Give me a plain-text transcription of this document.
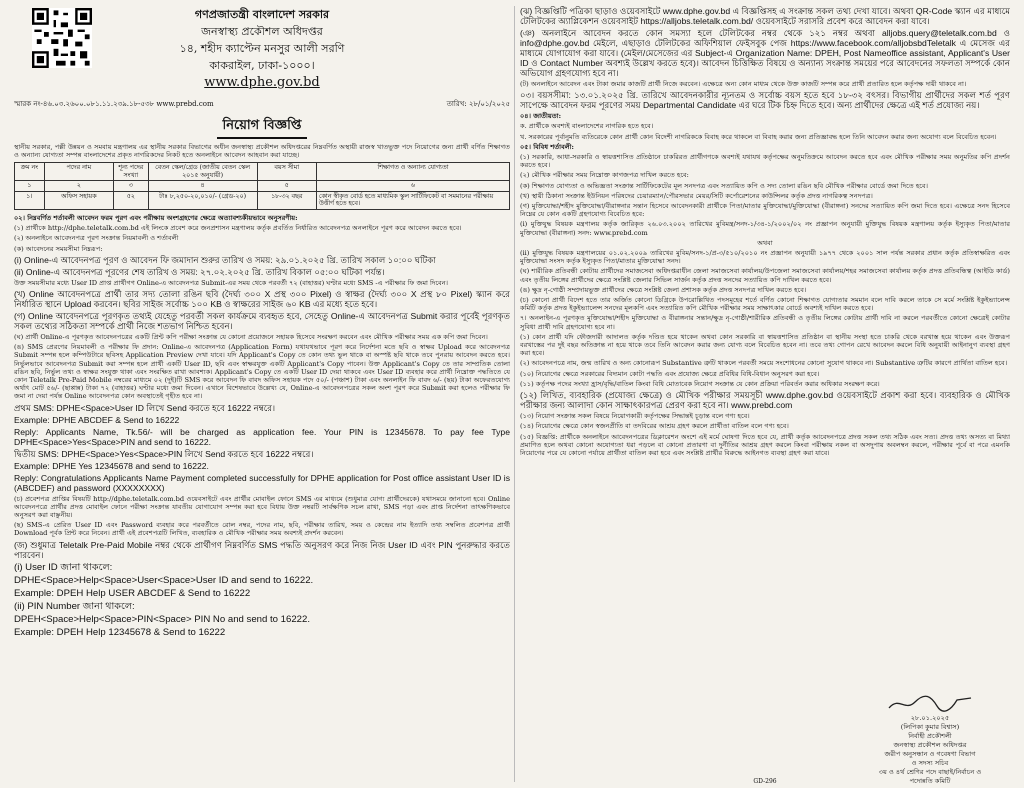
গণপ্রজাতন্ত্রী বাংলাদেশ সরকার
জনস্বাস্থ্য প্রকৌশল অধিদপ্তর
১৪, শহীদ ক্যাপ্টেন মনসুর আলী সরণি
কাকরাইল, ঢাকা-১০০০।
www.dphe.gov.bd
স্মারক নং-৪৬.০৩.২৬০০.০৮১.১১.২৩৯.১৮-৫৩৮ www.prebd.com	তারিখ: ২৮/০১/২০২৫
নিয়োগ বিজ্ঞপ্তি

স্থানীয় সরকার, পল্লী উন্নয়ন ও সমবায় মন্ত্রণালয় এর স্থানীয় সরকার বিভাগের অধীন জনস্বাস্থ্য প্রকৌশল অধিদপ্তরের নিম্নবর্ণিত অস্থায়ী রাজস্ব খাতভুক্ত পদে নিয়োগের জন্য প্রার্থী বর্ণিত শিক্ষাগত ও অন্যান্য যোগ্যতা সম্পন্ন বাংলাদেশের প্রকৃত নাগরিকদের নিকট হতে অনলাইনে আবেদন আহবান করা যাচ্ছে।

ক্রম নং	পদের নাম	শূন্য পদের সংখ্যা	বেতন স্কেল/গ্রেড (জাতীয় বেতন স্কেল ২০১৫ অনুযায়ী)	বয়স সীমা	শিক্ষাগত ও অন্যান্য যোগ্যতা
১	২	৩	৪	৫	৬
১।	অফিস সহায়ক	৫২	টাঃ ৮,২৫০-২০,০১০/- (গ্রেড-২০)	১৮-৩২ বছর	কোন স্বীকৃত বোর্ড হতে মাধ্যমিক স্কুল সার্টিফিকেট বা সমমানের পরীক্ষায় উত্তীর্ণ হতে হবে।

০২। নিম্নবর্ণিত শর্তাবলী আবেদন ফরম পূরণ এবং পরীক্ষায় অংশগ্রহণের ক্ষেত্রে অত্যাবশ্যকীয়ভাবে অনুসরণীয়:

(১) প্রার্থীকে http://dphe.teletalk.com.bd এই লিংকে প্রবেশ করে জনপ্রশাসন মন্ত্রণালয় কর্তৃক প্রবর্তিত নির্ধারিত আবেদনপত্র অনলাইনে পূরণ করে আবেদন করতে হবে।

(২) অনলাইনে আবেদনপত্র পূরণ সংক্রান্ত নিয়মাবলী ও শর্তাবলী

(ক) আবেদনের সময়সীমা নিম্নরূপ:

(i) Online-এ আবেদনপত্র পূরণ ও আবেদন ফি জমাদান শুরুর তারিখ ও সময়: ২৯.০১.২০২৫ খ্রি. তারিখ সকাল ১০:০০ ঘটিকা

(ii) Online-এ আবেদনপত্র পূরণের শেষ তারিখ ও সময়: ২৭.০২.২০২৫ খ্রি. তারিখ বিকাল ০৫:০০ ঘটিকা পর্যন্ত।

উক্ত সময়সীমার মধ্যে User ID প্রাপ্ত প্রার্থীগণ Online-এ আবেদনপত্র Submit-এর সময় থেকে পরবর্তী ৭২ (বাহাত্তর) ঘণ্টার মধ্যে SMS -এ পরীক্ষার ফি জমা দিবেন।

(খ) Online আবেদনপত্রে প্রার্থী তার সদ্য তোলা রঙিন ছবি (দৈর্ঘ্য ৩০০ X প্রস্থ ৩০০ Pixel) ও স্বাক্ষর (দৈর্ঘ্য ৩০০ X প্রস্থ ৮০ Pixel) স্ক্যান করে নির্ধারিত স্থানে Upload করবেন। ছবির সাইজ সর্বোচ্চ ১০০ KB ও স্বাক্ষরের সাইজ ৬০ KB এর মধ্যে হতে হবে।

(গ) Online আবেদনপত্রে পূরণকৃত তথ্যই যেহেতু পরবর্তী সকল কার্যক্রমে ব্যবহৃত হবে, সেহেতু Online-এ আবেদনপত্র Submit করার পূর্বেই পূরণকৃত সকল তথ্যের সঠিকতা সম্পর্কে প্রার্থী নিজে শতভাগ নিশ্চিত হবেন।

(ঘ) প্রার্থী Online-এ পূরণকৃত আবেদনপত্রের একটি প্রিন্ট কপি পরীক্ষা সংক্রান্ত যে কোনো প্রয়োজনে সহায়ক হিসেবে সংরক্ষণ করবেন এবং মৌখিক পরীক্ষার সময় এক কপি জমা দিবেন।

(ঙ) SMS প্রেরণের নিয়মাবলী ও পরীক্ষার ফি প্রদান: Online-এ আবেদনপত্র (Application Form) যথাযথভাবে পূরণ করে নির্দেশনা মতে ছবি ও স্বাক্ষর Upload করে আবেদনপত্র Submit সম্পন্ন হলে কম্পিউটারে ছবিসহ Application Preview দেখা যাবে। যদি Applicant's Copy তে কোন তথ্য ভুল থাকে বা অস্পষ্ট ছবি থাকে তবে পুনরায় আবেদন করতে হবে। নির্ভুলভাবে আবেদনপত্র Submit করা সম্পন্ন হলে প্রার্থী একটি User ID, ছবি এবং স্বাক্ষরযুক্ত একটি Applicant's Copy পাবেন। উক্ত Applicant's Copy তে তার সাম্প্রতিক তোলা রঙিন ছবি, নির্ভুল তথ্য ও স্বাক্ষর সংযুক্ত থাকা এবং সংরক্ষিত রাখা আবশ্যক। Applicant's Copy তে একটি User ID দেয়া থাকবে এবং User ID ব্যবহার করে প্রার্থী নিম্নোক্ত পদ্ধতিতে যে কোন Teletalk Pre-Paid Mobile নম্বরের মাধ্যমে ০২ (দুই)টি SMS করে আবেদন ফি বাবদ অফিস সহায়ক পদে ৫০/- (পঞ্চাশ) টাকা এবং অনলাইন ফি বাবদ ৬/- (ছয়) টাকা অফেরতযোগ্য অর্থাৎ মোট ৫৬/- (ছাপ্পান্ন) টাকা ৭২ (বাহাত্তর) ঘণ্টার মধ্যে জমা দিবেন। এখানে বিশেষভাবে উল্লেখ্য যে, Online-এ আবেদনপত্রের সকল অংশ পূরণ করে Submit করা হলেও পরীক্ষার ফি জমা না দেয়া পর্যন্ত Online আবেদনপত্র কোন অবস্থাতেই গৃহীত হবে না।

প্রথম SMS: DPHE<Space>User ID লিখে Send করতে হবে 16222 নম্বরে।

Example: DPHE ABCDEF & Send to 16222

Reply: Applicants Name, Tk.56/- will be charged as application fee. Your PIN is 12345678. To pay fee Type DPHE<Space>Yes<Space>PIN and send to 16222.

দ্বিতীয় SMS: DPHE<Space>Yes<Space>PIN লিখে Send করতে হবে 16222 নম্বরে।

Example: DPHE Yes 12345678 and send to 16222.

Reply: Congratulations Applicants Name Payment completed successfully for DPHE application for Post office assistant User ID is (ABCDEF) and password (XXXXXXXX)

(চ) প্রবেশপত্র প্রাপ্তির বিষয়টি http://dphe.teletalk.com.bd ওয়েবসাইটে এবং প্রার্থীর মোবাইল ফোনে SMS এর মাধ্যমে (শুধুমাত্র যোগ্য প্রার্থীদেরকে) যথাসময়ে জানানো হবে। Online আবেদনপত্রে প্রার্থীর প্রদত্ত মোবাইল ফোনে পরীক্ষা সংক্রান্ত যাবতীয় যোগাযোগ সম্পন্ন করা হবে বিধায় উক্ত নম্বরটি সার্বক্ষণিক সচল রাখা, SMS পড়া এবং প্রাপ্ত নির্দেশনা তাৎক্ষণিকভাবে অনুসরণ করা বাঞ্ছনীয়।

(ছ) SMS-এ প্রেরিত User ID এবং Password ব্যবহার করে পরবর্তীতে রোল নম্বর, পদের নাম, ছবি, পরীক্ষার তারিখ, সময় ও কেন্দ্রের নাম ইত্যাদি তথ্য সম্বলিত প্রবেশপত্র প্রার্থী Download পূর্বক প্রিন্ট করে নিবেন। প্রার্থী এই প্রবেশপত্রটি লিখিত, ব্যবহারিক ও মৌখিক পরীক্ষার সময় অবশ্যই প্রদর্শন করবেন।

(জ) শুধুমাত্র Teletalk Pre-Paid Mobile নম্বর থেকে প্রার্থীগণ নিম্নবর্ণিত SMS পদ্ধতি অনুসরণ করে নিজ নিজ User ID এবং PIN পুনরুদ্ধার করতে পারবেন।

(i) User ID জানা থাকলে:

DPHE<Space>Help<Space>User<Space>User ID and send to 16222.

Example: DPEH Help USER ABCDEF & Send to 16222

(ii) PIN Number জানা থাকলে:

DPEH<Space>Help<Space>PIN<Space> PIN No and send to 16222.

Example: DPEH Help 12345678 & Send to 16222

(ঝ) বিজ্ঞপ্তিটি পত্রিকা ছাড়াও ওয়েবসাইটে www.dphe.gov.bd এ বিজ্ঞপ্তিসহ এ সংক্রান্ত সকল তথ্য দেখা যাবে। অথবা QR-Code স্ক্যান এর মাধ্যমে টেলিটকের অ্যাপ্লিকেশন ওয়েবসাইট https://alljobs.teletalk.com.bd/ ওয়েবসাইটে সরাসরি প্রবেশ করে আবেদন করা যাবে।

(ঞ) অনলাইনে আবেদন করতে কোন সমস্যা হলে টেলিটকের নম্বর থেকে ১২১ নম্বর অথবা alljobs.query@teletalk.com.bd ও info@dphe.gov.bd মেইলে, এছাড়াও টেলিটকের অফিশিয়াল ফেইসবুক পেজ https://www.facebook.com/alljobsbdTeletalk এ মেসেজ এর মাধ্যমে যোগাযোগ করা যাবে। (মেইল/মেসেজের এর Subject-এ Organization Name: DPEH, Post Nameoffice assistant, Applicant's User ID ও Contact Number অবশ্যই উল্লেখ করতে হবে)। আবেদন চিত্তিক্ষিত বিষয়ে ও অন্যান্য সংক্রান্ত সময়ের পরে আবেদনের সফলতা সম্পর্কে কোন অভিযোগ গ্রহণযোগ্য হবে না।

(ট) অনলাইনে আবেদন এবং টাকা জমার কাজটি প্রার্থী নিজে করবেন। এক্ষেত্রে অন্য কোন মাধ্যম থেকে উক্ত কাজটি সম্পন্ন করে প্রার্থী প্রতারিত হলে কর্তৃপক্ষ দায়ী থাকবে না।

০৩। বয়সসীমা: ১৩.০১.২০২৫ খ্রি. তারিখে আবেদনকারীর ন্যূনতম ও সর্বোচ্চ বয়স হতে হবে ১৮-৩২ বৎসর। বিভাগীয় প্রার্থীদের সকল শর্ত পূরণ সাপেক্ষে আবেদন ফরম পূরণের সময় Departmental Candidate এর ঘরে টিক চিহ্ন দিতে হবে। অন্য প্রার্থীদের ক্ষেত্রে এই শর্ত প্রযোজ্য নয়।

০৪। জাতীয়তা:

ক. প্রার্থীকে অবশ্যই বাংলাদেশের নাগরিক হতে হবে।

খ. সরকারের পূর্বানুমতি ব্যতিরেকে কোন প্রার্থী কোন বিদেশী নাগরিককে বিবাহ করে থাকলে বা বিবাহ করার জন্য প্রতিজ্ঞাবদ্ধ হলে তিনি আবেদন করার জন্য অযোগ্য বলে বিবেচিত হবেন।

০৫। বিবিধ শর্তাবলী:

(১) সরকারি, আধা-সরকারি ও স্বায়ত্তশাসিত প্রতিষ্ঠানে চাকরিরত প্রার্থীগণকে অবশ্যই যথাযথ কর্তৃপক্ষের অনুমতিক্রমে আবেদন করতে হবে এবং মৌখিক পরীক্ষার সময় অনুমতির কপি প্রদর্শন করতে হবে।

(২) মৌখিক পরীক্ষার সময় নিম্নোক্ত কাগজপত্র দাখিল করতে হবে:

(ক) শিক্ষাগত যোগ্যতা ও অভিজ্ঞতা সংক্রান্ত সার্টিফিকেটের মূল সনদপত্র এবং সত্যায়িত কপি ও সদ্য তোলা রঙিন ছবি মৌখিক পরীক্ষার বোর্ডে জমা দিতে হবে।

(খ) স্থায়ী ঠিকানা সংক্রান্ত ইউনিয়ন পরিষদের চেয়ারম্যান/পৌরসভার মেয়র/সিটি কর্পোরেশনের কাউন্সিলর কর্তৃক প্রদত্ত নাগরিকত্ব সনদপত্র।

(গ) মুক্তিযোদ্ধা/শহীদ মুক্তিযোদ্ধা/বীরাঙ্গনার সন্তান হিসেবে আবেদনকারী প্রার্থীকে পিতা/মাতার মুক্তিযোদ্ধা/মুক্তিযোদ্ধা (বীরাঙ্গনা) সনদের সত্যায়িত কপি জমা দিতে হবে। এক্ষেত্রে সনদ হিসেবে নিম্নের যে কোন একটি গ্রহণযোগ্য বিবেচিত হবে:

(i) মুক্তিযুদ্ধ বিষয়ক মন্ত্রণালয় কর্তৃক জারিকৃত ২৬.০৩.২০০২ তারিখের মুবিমন্ত্র/সনদ-১/৩৪-১/২০০২/০২ নং প্রজ্ঞাপন অনুযায়ী মুক্তিযুদ্ধ বিষয়ক মন্ত্রণালয় কর্তৃক ইস্যুকৃত পিতা/মাতার মুক্তিযোদ্ধা (বীরাঙ্গনা) সনদ: www.prebd.com

অথবা

(ii) মুক্তিযুদ্ধ বিষয়ক মন্ত্রণালয়ের ০১.০২.২০০৯ তারিখের মুবিম/সনদ-১/প্র-৩/৫১০/২০১০ নং প্রজ্ঞাপন অনুযায়ী ১৯৭৭ থেকে ২০০১ সাল পর্যন্ত সরকার প্রধান কর্তৃক প্রতিস্বাক্ষরিত এবং মুক্তিযোদ্ধা সংসদ কর্তৃক ইস্যুকৃত পিতা/মাতার মুক্তিযোদ্ধা সনদ।

(ঘ) শারীরিক প্রতিবন্ধী কোটায় প্রার্থীদের সমাজসেবা অধিদপ্তরাধীন জেলা সমাজসেবা কার্যালয়/উপজেলা সমাজসেবা কার্যালয়/শহর সমাজসেবা কার্যালয় কর্তৃক প্রদত্ত প্রতিবন্ধিত্ব (আইডি কার্ড) এবং তৃতীয় লিঙ্গের প্রার্থীদের ক্ষেত্রে সংশ্লিষ্ট জেলার সিভিল সার্জন কর্তৃক প্রদত্ত সনদের সত্যায়িত কপি দাখিল করতে হবে।

(ঙ) ক্ষুদ্র নৃ-গোষ্ঠী সম্প্রদায়ভুক্ত প্রার্থীদের ক্ষেত্রে সংশ্লিষ্ট জেলা প্রশাসক কর্তৃক প্রদত্ত সনদপত্র দাখিল করতে হবে।

(চ) কোনো প্রার্থী বিদেশ হতে তার অর্জিত কোনো ডিগ্রিকে উপরোল্লিখিত পদসমূহের শর্তে বর্ণিত কোনো শিক্ষাগত যোগ্যতার সমমান বলে দাবি করলে তাকে সে মর্মে সংশ্লিষ্ট ইকুইভ্যালেন্স কমিটি কর্তৃক প্রদত্ত ইকুইভ্যালেন্স সনদের মূলকপি এবং সত্যায়িত কপি মৌখিক পরীক্ষার সময় সাক্ষাৎকার বোর্ডে অবশ্যই দাখিল করতে হবে।

৭। অনলাইন-এ পূরণকৃত মুক্তিযোদ্ধা/শহীদ মুক্তিযোদ্ধা ও বীরাঙ্গনার সন্তান/ক্ষুদ্র নৃ-গোষ্ঠী/শারীরিক প্রতিবন্ধী ও তৃতীয় লিঙ্গের কোটায় প্রার্থী দাবি না করলে পরবর্তীতে কোনো ক্ষেত্রেই কোটার সুবিধা প্রার্থী দাবি গ্রহণযোগ্য হবে না।

(১) কোন প্রার্থী যদি ফৌজদারী আদালত কর্তৃক দণ্ডিত হয়ে থাকেন অথবা কোন সরকারি বা স্বায়ত্তশাসিত প্রতিষ্ঠান বা স্থানীয় সংস্থা হতে চাকরি থেকে বরখাস্ত হয়ে থাকেন এবং উক্তরূপ বরখাস্তের পর দুই বছর অতিক্রান্ত না হয়ে থাকে তবে তিনি আবেদন করার জন্য যোগ্য বলে বিবেচিত হবেন না। তবে তথ্য গোপন রেখে আবেদন করলে বিধি অনুযায়ী আইনানুগ ব্যবস্থা গ্রহণ করা হবে।

(২) আবেদনপত্রে নাম, জন্ম তারিখ ও অন্য কোনোরূপ Substantive ত্রুটি থাকলে পরবর্তী সময়ে সংশোধনের কোনো সুযোগ থাকবে না। Substantive ত্রুটির কারণে প্রার্থিতা বাতিল হবে।

(১০) নিয়োগের ক্ষেত্রে সরকারের বিদ্যমান কোটা পদ্ধতি এবং প্রযোজ্য ক্ষেত্রে প্রবিধির বিধি-বিধান অনুসরণ করা হবে।

(১১) কর্তৃপক্ষ পদের সংখ্যা হ্রাস/বৃদ্ধি/বাতিল কিংবা বিধি মোতাবেক নিয়োগ সংক্রান্ত যে কোন প্রক্রিয়া পরিবর্তন করার অধিকার সংরক্ষণ করে।

(১২) লিখিত, ব্যবহারিক (প্রযোজ্য ক্ষেত্রে) ও মৌখিক পরীক্ষার সময়সূচী www.dphe.gov.bd ওয়েবসাইটে প্রকাশ করা হবে। ব্যবহারিক ও মৌখিক পরীক্ষার জন্য আলাদা কোন সাক্ষাৎকারপত্র প্রেরণ করা হবে না। www.prebd.com

(১৩) নিয়োগ সংক্রান্ত সকল বিষয়ে নিয়োগকারী কর্তৃপক্ষের সিদ্ধান্তই চূড়ান্ত বলে গণ্য হবে।

(১৪) নিয়োগের ক্ষেত্রে কোন স্বজনপ্রীতি বা তদবিরের আশ্রয় গ্রহণ করলে প্রার্থীতা বাতিল বলে গণ্য হবে।

(১৫) বিজ্ঞপ্তি: প্রার্থীকে অনলাইনে আবেদনপত্রের ডিক্লারেশন অংশে এই মর্মে ঘোষণা দিতে হবে যে, প্রার্থী কর্তৃক আবেদনপত্রে প্রদত্ত সকল তথ্য সঠিক এবং সত্য। প্রদত্ত তথ্য অসত্য বা মিথ্যা প্রমাণিত হলে অথবা কোনো অযোগ্যতা ধরা পড়লে বা কোনো প্রতারণা বা দুর্নীতির আশ্রয় গ্রহণ করলে কিংবা পরীক্ষায় নকল বা অসদুপায় অবলম্বন করলে, পরীক্ষার পূর্বে বা পরে এমনকি নিয়োগের পরে যে কোনো পর্যায়ে প্রার্থীতা বাতিল করা হবে এবং সংশ্লিষ্ট প্রার্থীর বিরুদ্ধে আইনগত ব্যবস্থা গ্রহণ করা যাবে।

২৮.০১.২০২৫
(লিপিকা কুমার বিশ্বাস)
নির্বাহী প্রকৌশলী
জনস্বাস্থ্য প্রকৌশল অধিদপ্তর
জরীপ অনুসন্ধান ও গবেষণা বিভাগ
ও সদস্য সচিব
৩য় ও ৪র্থ শ্রেণির পদে বাছাই/নির্বাচন ও
পদোন্নতি কমিটি
GD-296
